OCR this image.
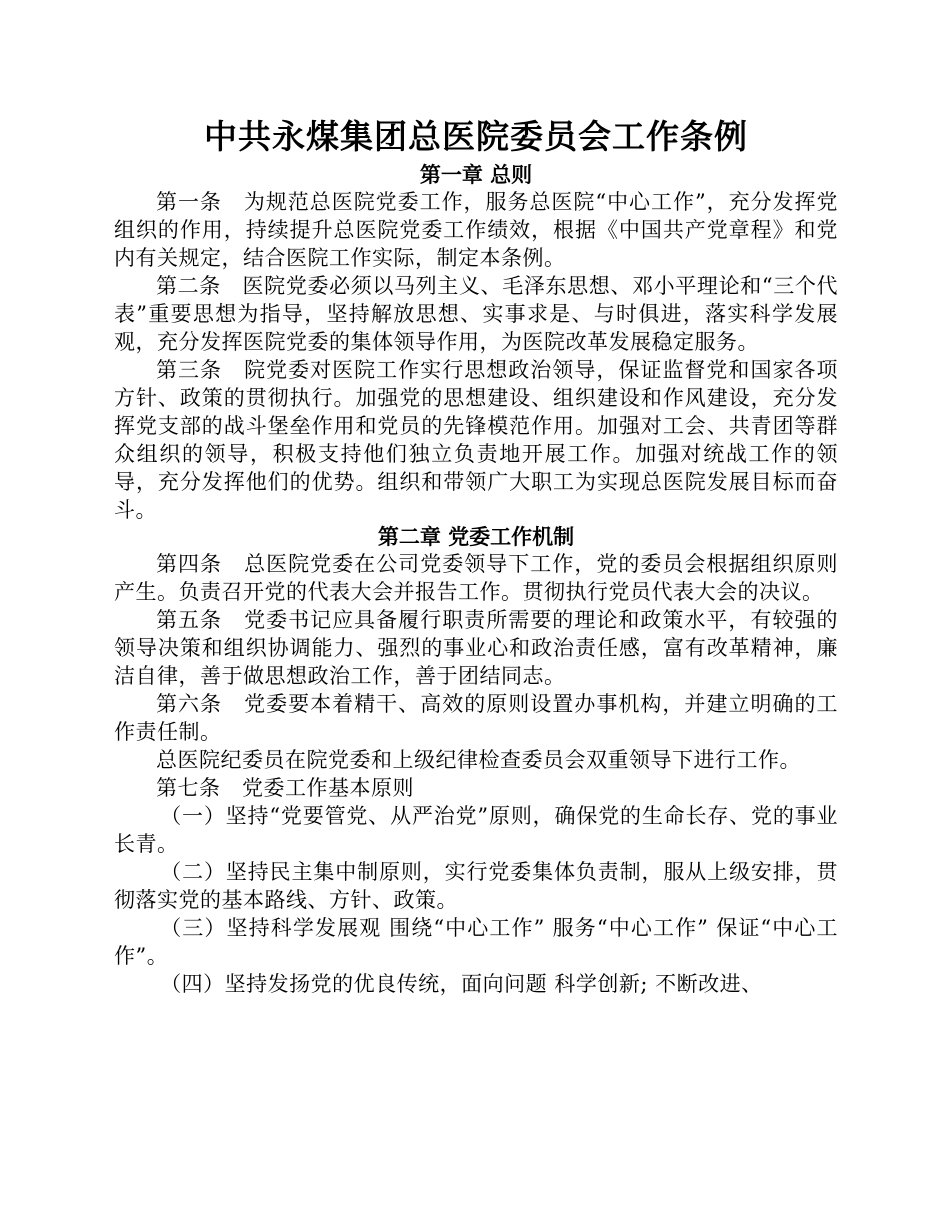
中共永煤集团总医院委员会工作条例
第一章 总则

第一条　为规范总医院党委工作，服务总医院“中心工作”，充分发挥党组织的作用，持续提升总医院党委工作绩效，根据《中国共产党章程》和党内有关规定，结合医院工作实际，制定本条例。

第二条　医院党委必须以马列主义、毛泽东思想、邓小平理论和“三个代表”重要思想为指导，坚持解放思想、实事求是、与时俱进，落实科学发展观，充分发挥医院党委的集体领导作用，为医院改革发展稳定服务。

第三条　院党委对医院工作实行思想政治领导，保证监督党和国家各项方针、政策的贯彻执行。加强党的思想建设、组织建设和作风建设，充分发挥党支部的战斗堡垒作用和党员的先锋模范作用。加强对工会、共青团等群众组织的领导，积极支持他们独立负责地开展工作。加强对统战工作的领导，充分发挥他们的优势。组织和带领广大职工为实现总医院发展目标而奋斗。

第二章 党委工作机制

第四条　总医院党委在公司党委领导下工作，党的委员会根据组织原则产生。负责召开党的代表大会并报告工作。贯彻执行党员代表大会的决议。

第五条　党委书记应具备履行职责所需要的理论和政策水平，有较强的领导决策和组织协调能力、强烈的事业心和政治责任感，富有改革精神，廉洁自律，善于做思想政治工作，善于团结同志。

第六条　党委要本着精干、高效的原则设置办事机构，并建立明确的工作责任制。

总医院纪委员在院党委和上级纪律检查委员会双重领导下进行工作。

第七条　党委工作基本原则

（一）坚持“党要管党、从严治党”原则，确保党的生命长存、党的事业长青。

（二）坚持民主集中制原则，实行党委集体负责制，服从上级安排，贯彻落实党的基本路线、方针、政策。

（三）坚持科学发展观 围绕“中心工作” 服务“中心工作” 保证“中心工作”。

（四）坚持发扬党的优良传统，面向问题 科学创新; 不断改进、
